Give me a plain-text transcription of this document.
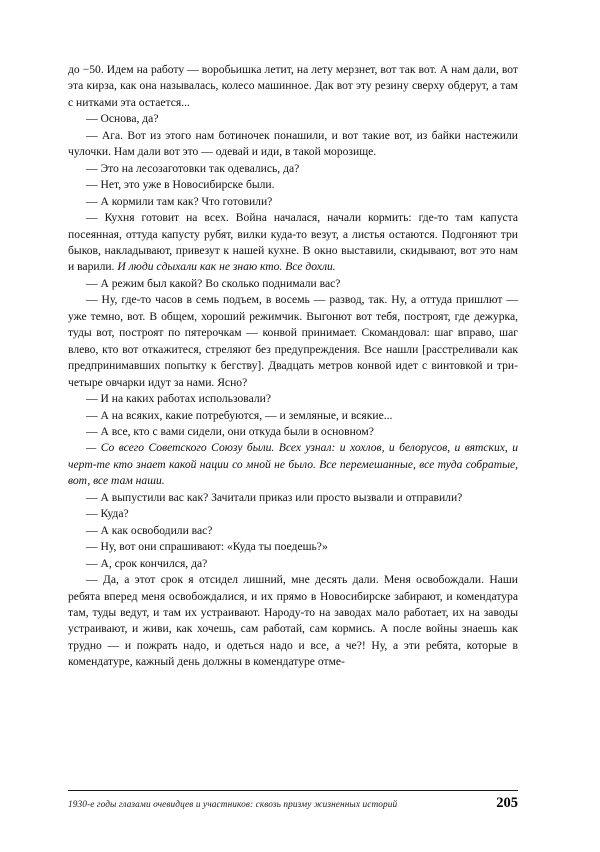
до −50. Идем на работу — воробьишка летит, на лету мерзнет, вот так вот. А нам дали, вот эта кирза, как она называлась, колесо машинное. Дак вот эту резину сверху обдерут, а там с нитками эта остается...

— Основа, да?

— Ага. Вот из этого нам ботиночек понашили, и вот такие вот, из байки настежили чулочки. Нам дали вот это — одевай и иди, в такой морозище.

— Это на лесозаготовки так одевались, да?

— Нет, это уже в Новосибирске были.

— А кормили там как? Что готовили?

— Кухня готовит на всех. Война началася, начали кормить: где-то там капуста посеянная, оттуда капусту рубят, вилки куда-то везут, а листья остаются. Подгоняют три быков, накладывают, привезут к нашей кухне. В окно выставили, скидывают, вот это нам и варили. И люди сдыхали как не знаю кто. Все дохли.

— А режим был какой? Во сколько поднимали вас?

— Ну, где-то часов в семь подъем, в восемь — развод, так. Ну, а оттуда пришлют — уже темно, вот. В общем, хороший режимчик. Выгонют вот тебя, построят, где дежурка, туды вот, построят по пятерочкам — конвой принимает. Скомандовал: шаг вправо, шаг влево, кто вот откажитеся, стреляют без предупреждения. Все нашли [расстреливали как предпринимавших попытку к бегству]. Двадцать метров конвой идет с винтовкой и три-четыре овчарки идут за нами. Ясно?

— И на каких работах использовали?

— А на всяких, какие потребуются, — и земляные, и всякие...

— А все, кто с вами сидели, они откуда были в основном?

— Со всего Советского Союзу были. Всех узнал: и хохлов, и белорусов, и вятских, и черт-те кто знает какой нации со мной не было. Все перемешанные, все туда собратые, вот, все там наши.

— А выпустили вас как? Зачитали приказ или просто вызвали и отправили?

— Куда?

— А как освободили вас?

— Ну, вот они спрашивают: «Куда ты поедешь?»

— А, срок кончился, да?

— Да, а этот срок я отсидел лишний, мне десять дали. Меня освобождали. Наши ребята вперед меня освобождалися, и их прямо в Новосибирске забирают, и комендатура там, туды ведут, и там их устраивают. Народу-то на заводах мало работает, их на заводы устраивают, и живи, как хочешь, сам работай, сам кормись. А после войны знаешь как трудно — и пожрать надо, и одеться надо и все, а че?! Ну, а эти ребята, которые в комендатуре, кажный день должны в комендатуре отме-

1930-е годы глазами очевидцев и участников: сквозь призму жизненных историй	205
